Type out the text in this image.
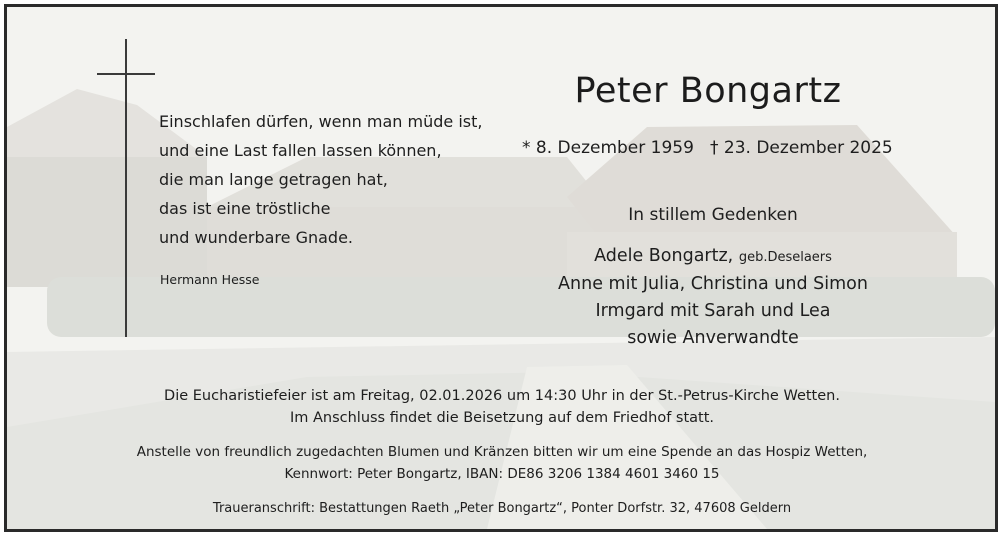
Einschlafen dürfen, wenn man müde ist,
und eine Last fallen lassen können,
die man lange getragen hat,
das ist eine tröstliche
und wunderbare Gnade.
Hermann Hesse
Peter Bongartz
* 8. Dezember 1959 † 23. Dezember 2025
In stillem Gedenken
Adele Bongartz, geb.Deselaers
Anne mit Julia, Christina und Simon
Irmgard mit Sarah und Lea
sowie Anverwandte
Die Eucharistiefeier ist am Freitag, 02.01.2026 um 14:30 Uhr in der St.-Petrus-Kirche Wetten.
Im Anschluss findet die Beisetzung auf dem Friedhof statt.
Anstelle von freundlich zugedachten Blumen und Kränzen bitten wir um eine Spende an das Hospiz Wetten,
Kennwort: Peter Bongartz, IBAN: DE86 3206 1384 4601 3460 15
Traueranschrift: Bestattungen Raeth „Peter Bongartz“, Ponter Dorfstr. 32, 47608 Geldern
